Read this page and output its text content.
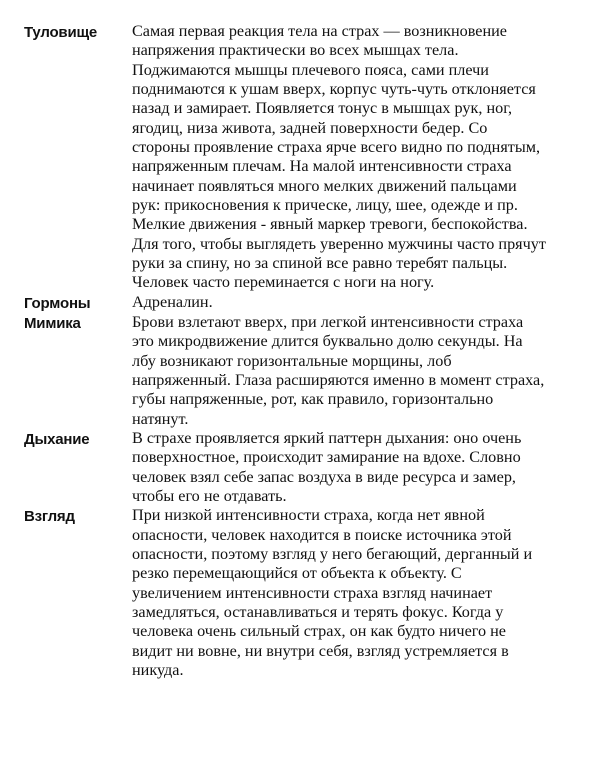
Туловище	Самая первая реакция тела на страх — возникновение напряжения практически во всех мышцах тела. Поджимаются мышцы плечевого пояса, сами плечи поднимаются к ушам вверх, корпус чуть-чуть отклоняется назад и замирает. Появляется тонус в мышцах рук, ног, ягодиц, низа живота, задней поверхности бедер. Со стороны проявление страха ярче всего видно по поднятым, напряженным плечам. На малой интенсивности страха начинает появляться много мелких движений пальцами рук: прикосновения к прическе, лицу, шее, одежде и пр. Мелкие движения - явный маркер тревоги, беспокойства. Для того, чтобы выглядеть уверенно мужчины часто прячут руки за спину, но за спиной все равно теребят пальцы. Человек часто переминается с ноги на ногу.
Гормоны	Адреналин.
Мимика	Брови взлетают вверх, при легкой интенсивности страха это микродвижение длится буквально долю секунды. На лбу возникают горизонтальные морщины, лоб напряженный. Глаза расширяются именно в момент страха, губы напряженные, рот, как правило, горизонтально натянут.
Дыхание	В страхе проявляется яркий паттерн дыхания: оно очень поверхностное, происходит замирание на вдохе. Словно человек взял себе запас воздуха в виде ресурса и замер, чтобы его не отдавать.
Взгляд	При низкой интенсивности страха, когда нет явной опасности, человек находится в поиске источника этой опасности, поэтому взгляд у него бегающий, дерганный и резко перемещающийся от объекта к объекту. С увеличением интенсивности страха взгляд начинает замедляться, останавливаться и терять фокус. Когда у человека очень сильный страх, он как будто ничего не видит ни вовне, ни внутри себя, взгляд устремляется в никуда.
